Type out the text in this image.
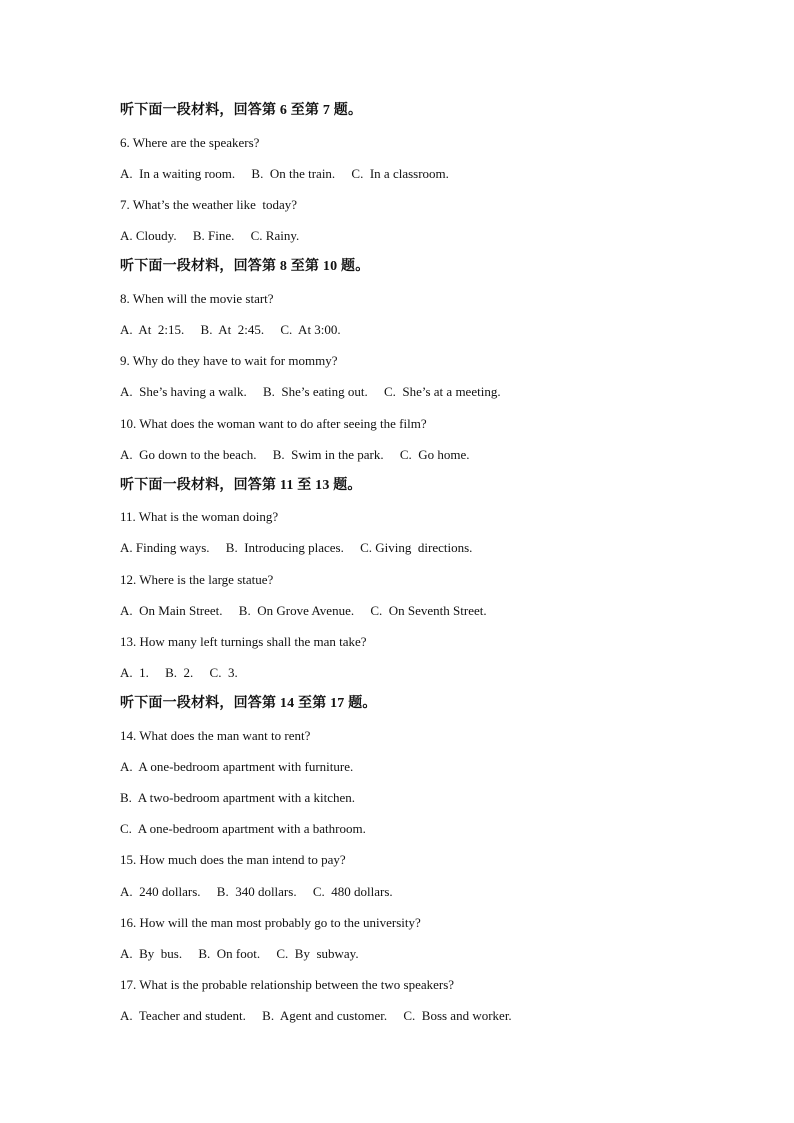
听下面一段材料，回答第 6 至第 7 题。
6. Where are the speakers?
A.  In a waiting room.     B.  On the train.     C.  In a classroom.
7. What’s the weather like  today?
A. Cloudy.     B. Fine.     C. Rainy.
听下面一段材料，回答第 8 至第 10 题。
8. When will the movie start?
A.  At  2:15.     B.  At  2:45.     C.  At 3:00.
9. Why do they have to wait for mommy?
A.  She’s having a walk.     B.  She’s eating out.     C.  She’s at a meeting.
10. What does the woman want to do after seeing the film?
A.  Go down to the beach.     B.  Swim in the park.     C.  Go home.
听下面一段材料，回答第 11 至 13 题。
11. What is the woman doing?
A. Finding ways.     B.  Introducing places.     C. Giving  directions.
12. Where is the large statue?
A.  On Main Street.     B.  On Grove Avenue.     C.  On Seventh Street.
13. How many left turnings shall the man take?
A.  1.     B.  2.     C.  3.
听下面一段材料，回答第 14 至第 17 题。
14. What does the man want to rent?
A.  A one-bedroom apartment with furniture.
B.  A two-bedroom apartment with a kitchen.
C.  A one-bedroom apartment with a bathroom.
15. How much does the man intend to pay?
A.  240 dollars.     B.  340 dollars.     C.  480 dollars.
16. How will the man most probably go to the university?
A.  By  bus.     B.  On foot.     C.  By  subway.
17. What is the probable relationship between the two speakers?
A.  Teacher and student.     B.  Agent and customer.     C.  Boss and worker.
